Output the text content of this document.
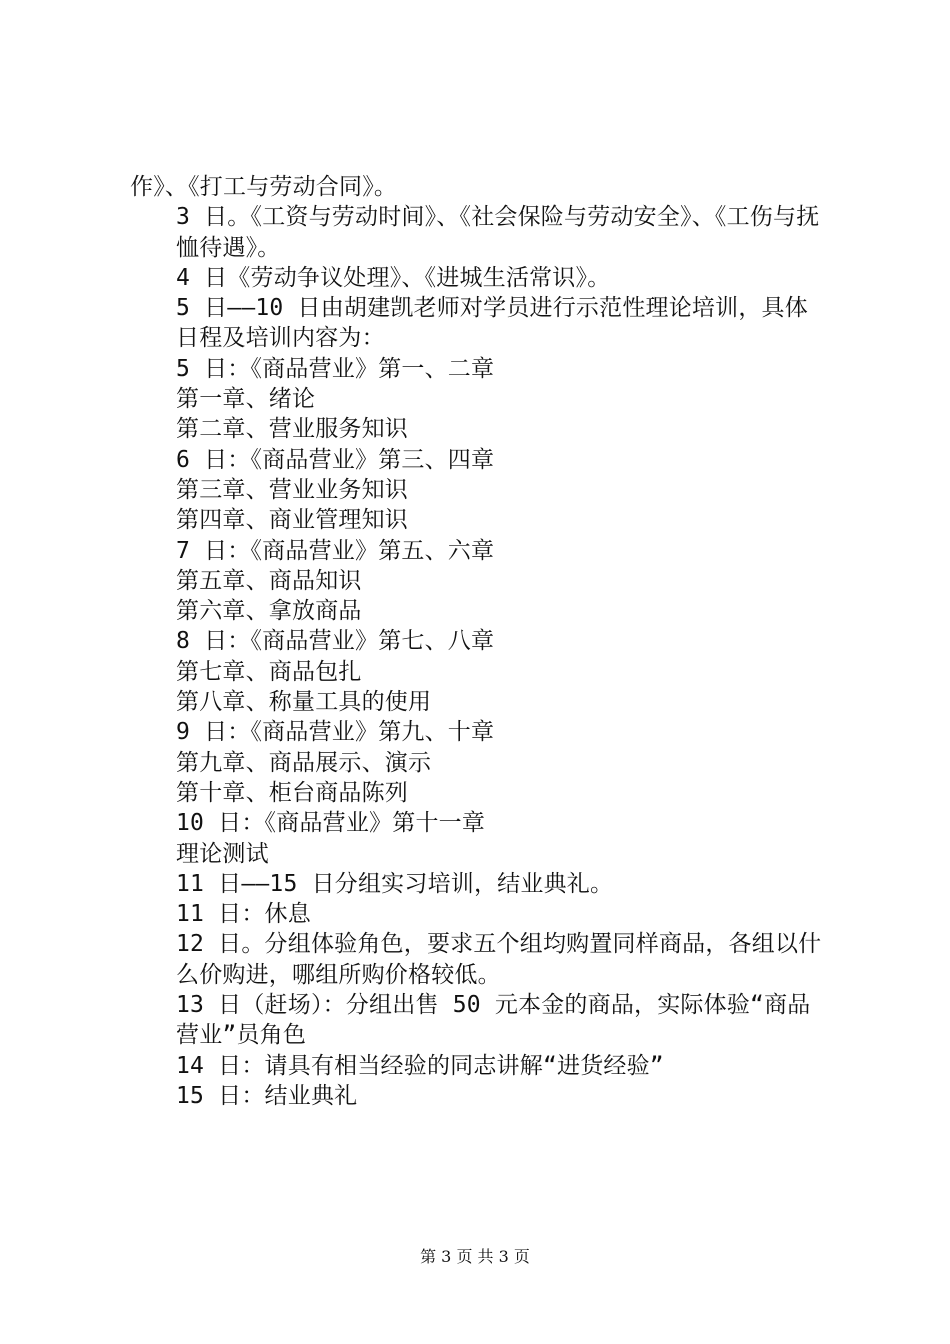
作》、《打工与劳动合同》。

3 日。《工资与劳动时间》、《社会保险与劳动安全》、《工伤与抚恤待遇》。

4 日《劳动争议处理》、《进城生活常识》。

5 日——10 日由胡建凯老师对学员进行示范性理论培训，具体日程及培训内容为：

5 日：《商品营业》第一、二章

第一章、绪论

第二章、营业服务知识

6 日：《商品营业》第三、四章

第三章、营业业务知识

第四章、商业管理知识

7 日：《商品营业》第五、六章

第五章、商品知识

第六章、拿放商品

8 日：《商品营业》第七、八章

第七章、商品包扎

第八章、称量工具的使用

9 日：《商品营业》第九、十章

第九章、商品展示、演示

第十章、柜台商品陈列

10 日：《商品营业》第十一章

理论测试

11 日——15 日分组实习培训，结业典礼。

11 日：休息

12 日。分组体验角色，要求五个组均购置同样商品，各组以什么价购进，哪组所购价格较低。

13 日（赶场）：分组出售 50 元本金的商品，实际体验“商品营业”员角色

14 日：请具有相当经验的同志讲解“进货经验”

15 日：结业典礼

第 3 页 共 3 页
